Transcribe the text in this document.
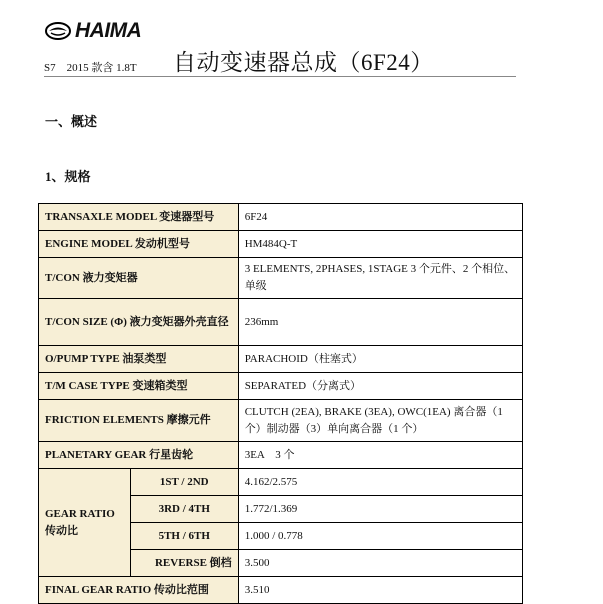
HAIMA
S7　2015 款含 1.8T 自动变速器总成（6F24）
一、概述
1、规格
TRANSAXLE MODEL 变速器型号		6F24
ENGINE MODEL 发动机型号		HM484Q-T
T/CON 液力变矩器		3 ELEMENTS, 2PHASES, 1STAGE 3 个元件、2 个相位、单级
T/CON SIZE (Φ) 液力变矩器外壳直径		236mm
O/PUMP TYPE 油泵类型		PARACHOID（柱塞式）
T/M CASE TYPE 变速箱类型		SEPARATED（分离式）
FRICTION ELEMENTS 摩擦元件		CLUTCH (2EA), BRAKE (3EA), OWC(1EA) 离合器（1 个）制动器（3）单向离合器（1 个）
PLANETARY GEAR 行星齿轮		3EA　3 个

GEAR RATIO
传动比	1ST / 2ND	4.162/2.575
	3RD / 4TH	1.772/1.369
	5TH / 6TH	1.000 / 0.778
	REVERSE 倒档	3.500
FINAL GEAR RATIO 传动比范围		3.510
